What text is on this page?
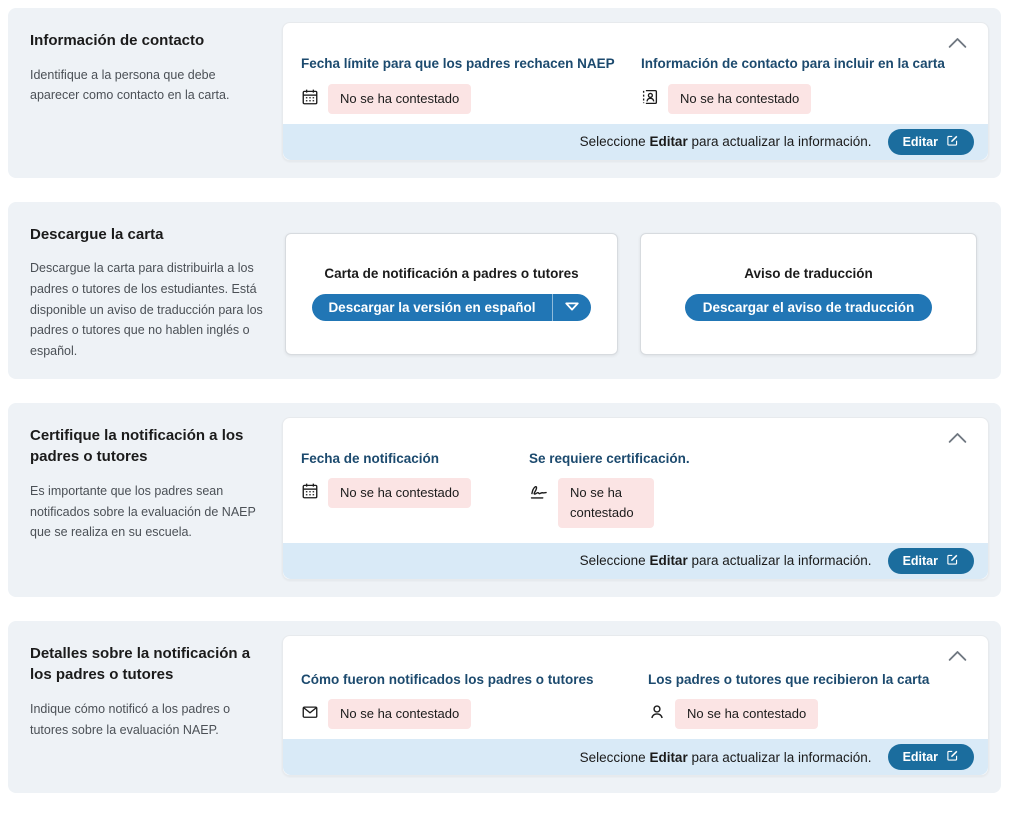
Información de contacto

Identifique a la persona que debe aparecer como contacto en la carta.

Fecha límite para que los padres rechacen NAEP
No se ha contestado
Información de contacto para incluir en la carta
No se ha contestado
Seleccione Editar para actualizar la información. Editar
Descargue la carta

Descargue la carta para distribuirla a los padres o tutores de los estudiantes. Está disponible un aviso de traducción para los padres o tutores que no hablen inglés o español.

Carta de notificación a padres o tutores
Descargar la versión en español
Aviso de traducción
Descargar el aviso de traducción
Certifique la notificación a los padres o tutores

Es importante que los padres sean notificados sobre la evaluación de NAEP que se realiza en su escuela.

Fecha de notificación
No se ha contestado
Se requiere certificación.
No se ha contestado
Seleccione Editar para actualizar la información. Editar
Detalles sobre la notificación a los padres o tutores

Indique cómo notificó a los padres o tutores sobre la evaluación NAEP.

Cómo fueron notificados los padres o tutores
No se ha contestado
Los padres o tutores que recibieron la carta
No se ha contestado
Seleccione Editar para actualizar la información. Editar
